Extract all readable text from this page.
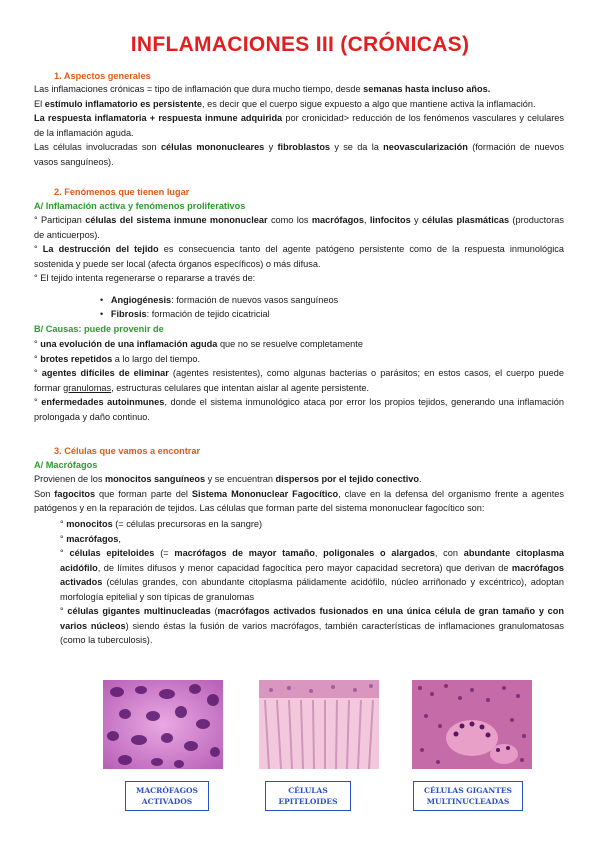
INFLAMACIONES III (CRÓNICAS)
1. Aspectos generales
Las inflamaciones crónicas = tipo de inflamación que dura mucho tiempo, desde semanas hasta incluso años.
El estímulo inflamatorio es persistente, es decir que el cuerpo sigue expuesto a algo que mantiene activa la inflamación.
La respuesta inflamatoria + respuesta inmune adquirida por cronicidad> reducción de los fenómenos vasculares y celulares de la inflamación aguda.
Las células involucradas son células mononucleares y fibroblastos y se da la neovascularización (formación de nuevos vasos sanguíneos).
2. Fenómenos que tienen lugar
A/ Inflamación activa y fenómenos proliferativos
° Participan células del sistema inmune mononuclear como los macrófagos, linfocitos y células plasmáticas (productoras de anticuerpos).
° La destrucción del tejido es consecuencia tanto del agente patógeno persistente como de la respuesta inmunológica sostenida y puede ser local (afecta órganos específicos) o más difusa.
° El tejido intenta regenerarse o repararse a través de:
• Angiogénesis: formación de nuevos vasos sanguíneos
• Fibrosis: formación de tejido cicatricial
B/ Causas: puede provenir de
° una evolución de una inflamación aguda que no se resuelve completamente
° brotes repetidos a lo largo del tiempo.
° agentes difíciles de eliminar (agentes resistentes), como algunas bacterias o parásitos; en estos casos, el cuerpo puede formar granulomas, estructuras celulares que intentan aislar al agente persistente.
° enfermedades autoinmunes, donde el sistema inmunológico ataca por error los propios tejidos, generando una inflamación prolongada y daño continuo.
3. Células que vamos a encontrar
A/ Macrófagos
Provienen de los monocitos sanguíneos y se encuentran dispersos por el tejido conectivo.
Son fagocitos que forman parte del Sistema Mononuclear Fagocítico, clave en la defensa del organismo frente a agentes patógenos y en la reparación de tejidos. Las células que forman parte del sistema mononuclear fagocítico son:
° monocitos (= células precursoras en la sangre)
° macrófagos,
° células epiteloides (= macrófagos de mayor tamaño, poligonales o alargados, con abundante citoplasma acidófilo, de límites difusos y menor capacidad fagocítica pero mayor capacidad secretora) que derivan de macrófagos activados (células grandes, con abundante citoplasma pálidamente acidófilo, núcleo arriñonado y excéntrico), adoptan morfología epitelial y son típicas de granulomas
° células gigantes multinucleadas (macrófagos activados fusionados en una única célula de gran tamaño y con varios núcleos) siendo éstas la fusión de varios macrófagos, también características de inflamaciones granulomatosas (como la tuberculosis).
MACRÓFAGOS
ACTIVADOS
CÉLULAS
EPITELOIDES
CÉLULAS GIGANTES
MULTINUCLEADAS
